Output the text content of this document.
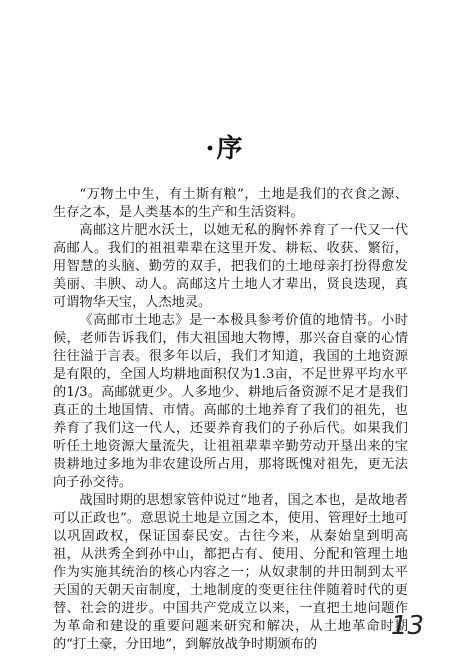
·序

“万物土中生，有土斯有粮”，土地是我们的衣食之源、生存之本，是人类基本的生产和生活资料。

高邮这片肥水沃土，以她无私的胸怀养育了一代又一代高邮人。我们的祖祖辈辈在这里开发、耕耘、收获、繁衍，用智慧的头脑、勤劳的双手，把我们的土地母亲打扮得愈发美丽、丰腴、动人。高邮这片土地人才辈出，贤良迭现，真可谓物华天宝，人杰地灵。

《高邮市土地志》是一本极具参考价值的地情书。小时候，老师告诉我们，伟大祖国地大物博，那兴奋自豪的心情往往溢于言表。很多年以后，我们才知道，我国的土地资源是有限的，全国人均耕地面积仅为1.3亩，不足世界平均水平的1/3。高邮就更少。人多地少、耕地后备资源不足才是我们真正的土地国情、市情。高邮的土地养育了我们的祖先，也养育了我们这一代人，还要养育我们的子孙后代。如果我们听任土地资源大量流失，让祖祖辈辈辛勤劳动开垦出来的宝贵耕地过多地为非农建设所占用，那将既愧对祖先，更无法向子孙交待。

战国时期的思想家管仲说过“地者，国之本也，是故地者可以正政也”。意思说土地是立国之本，使用、管理好土地可以巩固政权，保证国泰民安。古往今来，从秦始皇到明高祖，从洪秀全到孙中山，都把占有、使用、分配和管理土地作为实施其统治的核心内容之一；从奴隶制的井田制到太平天国的天朝天亩制度，土地制度的变更往往伴随着时代的更替、社会的进步。中国共产党成立以来，一直把土地问题作为革命和建设的重要问题来研究和解决，从土地革命时期的“打土豪，分田地”，到解放战争时期颁布的

13
